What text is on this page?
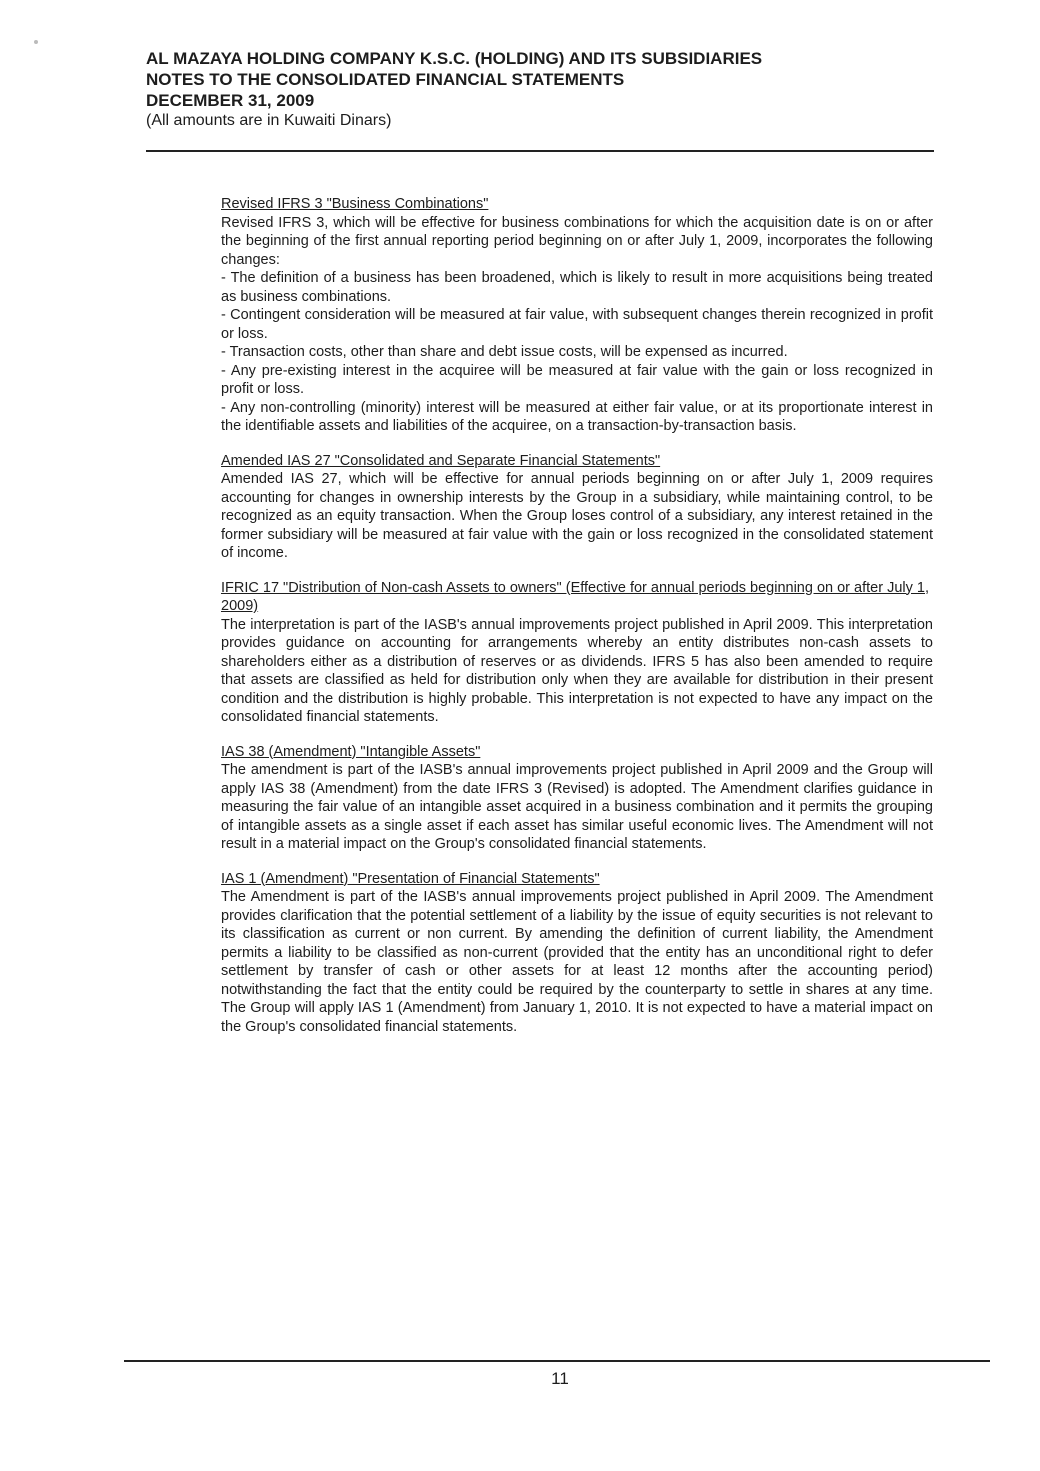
AL MAZAYA HOLDING COMPANY K.S.C. (HOLDING) AND ITS SUBSIDIARIES

NOTES TO THE CONSOLIDATED FINANCIAL STATEMENTS

DECEMBER 31, 2009

(All amounts are in Kuwaiti Dinars)

Revised IFRS 3 "Business Combinations"

Revised IFRS 3, which will be effective for business combinations for which the acquisition date is on or after the beginning of the first annual reporting period beginning on or after July 1, 2009, incorporates the following changes:

- The definition of a business has been broadened, which is likely to result in more acquisitions being treated as business combinations.

- Contingent consideration will be measured at fair value, with subsequent changes therein recognized in profit or loss.

- Transaction costs, other than share and debt issue costs, will be expensed as incurred.

- Any pre-existing interest in the acquiree will be measured at fair value with the gain or loss recognized in profit or loss.

- Any non-controlling (minority) interest will be measured at either fair value, or at its proportionate interest in the identifiable assets and liabilities of the acquiree, on a transaction-by-transaction basis.

Amended IAS 27 "Consolidated and Separate Financial Statements"

Amended IAS 27, which will be effective for annual periods beginning on or after July 1, 2009 requires accounting for changes in ownership interests by the Group in a subsidiary, while maintaining control, to be recognized as an equity transaction. When the Group loses control of a subsidiary, any interest retained in the former subsidiary will be measured at fair value with the gain or loss recognized in the consolidated statement of income.

IFRIC 17 "Distribution of Non-cash Assets to owners" (Effective for annual periods beginning on or after July 1, 2009)

The interpretation is part of the IASB's annual improvements project published in April 2009. This interpretation provides guidance on accounting for arrangements whereby an entity distributes non-cash assets to shareholders either as a distribution of reserves or as dividends. IFRS 5 has also been amended to require that assets are classified as held for distribution only when they are available for distribution in their present condition and the distribution is highly probable. This interpretation is not expected to have any impact on the consolidated financial statements.

IAS 38 (Amendment) "Intangible Assets"

The amendment is part of the IASB's annual improvements project published in April 2009 and the Group will apply IAS 38 (Amendment) from the date IFRS 3 (Revised) is adopted. The Amendment clarifies guidance in measuring the fair value of an intangible asset acquired in a business combination and it permits the grouping of intangible assets as a single asset if each asset has similar useful economic lives. The Amendment will not result in a material impact on the Group's consolidated financial statements.

IAS 1 (Amendment) "Presentation of Financial Statements"

The Amendment is part of the IASB's annual improvements project published in April 2009. The Amendment provides clarification that the potential settlement of a liability by the issue of equity securities is not relevant to its classification as current or non current. By amending the definition of current liability, the Amendment permits a liability to be classified as non-current (provided that the entity has an unconditional right to defer settlement by transfer of cash or other assets for at least 12 months after the accounting period) notwithstanding the fact that the entity could be required by the counterparty to settle in shares at any time. The Group will apply IAS 1 (Amendment) from January 1, 2010. It is not expected to have a material impact on the Group's consolidated financial statements.

11
